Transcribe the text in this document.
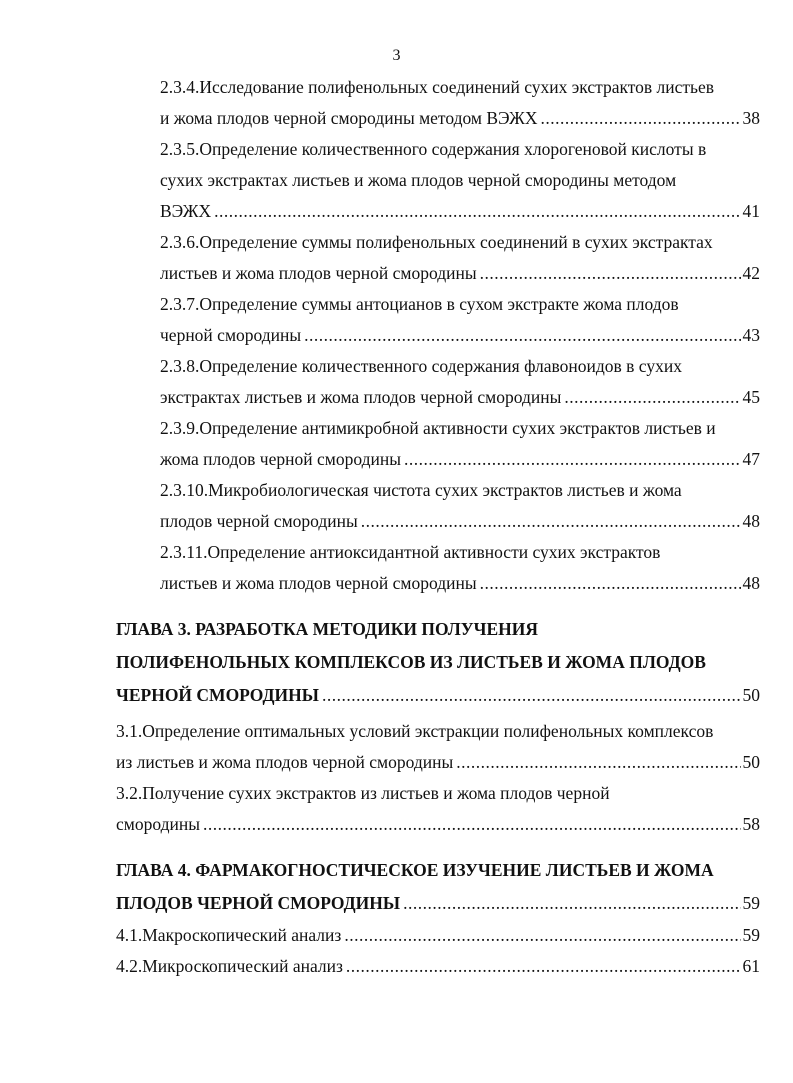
3
2.3.4.Исследование полифенольных соединений сухих экстрактов листьев
и жома плодов черной смородины методом ВЭЖХ .....	38
2.3.5.Определение количественного содержания хлорогеновой кислоты в
сухих экстрактах листьев и жома плодов черной смородины методом
ВЭЖХ .....	41
2.3.6.Определение суммы полифенольных соединений в сухих экстрактах
листьев и жома плодов черной смородины .....	42
2.3.7.Определение суммы антоцианов в сухом экстракте жома плодов
черной смородины .....	43
2.3.8.Определение количественного содержания флавоноидов в сухих
экстрактах листьев и жома плодов черной смородины .....	45
2.3.9.Определение антимикробной активности сухих экстрактов листьев и
жома плодов черной смородины .....	47
2.3.10.Микробиологическая чистота сухих экстрактов листьев и жома
плодов черной смородины .....	48
2.3.11.Определение антиоксидантной активности сухих экстрактов
листьев и жома плодов черной смородины .....	48
ГЛАВА 3. РАЗРАБОТКА МЕТОДИКИ ПОЛУЧЕНИЯ
ПОЛИФЕНОЛЬНЫХ КОМПЛЕКСОВ ИЗ ЛИСТЬЕВ И ЖОМА ПЛОДОВ
ЧЕРНОЙ СМОРОДИНЫ .....	50
3.1.Определение оптимальных условий экстракции полифенольных комплексов
из листьев и жома плодов черной смородины .....	50
3.2.Получение сухих экстрактов из листьев и жома плодов черной
смородины .....	58
ГЛАВА 4. ФАРМАКОГНОСТИЧЕСКОЕ ИЗУЧЕНИЕ ЛИСТЬЕВ И ЖОМА
ПЛОДОВ ЧЕРНОЙ СМОРОДИНЫ .....	59
4.1.Макроскопический анализ .....	59
4.2.Микроскопический анализ .....	61
